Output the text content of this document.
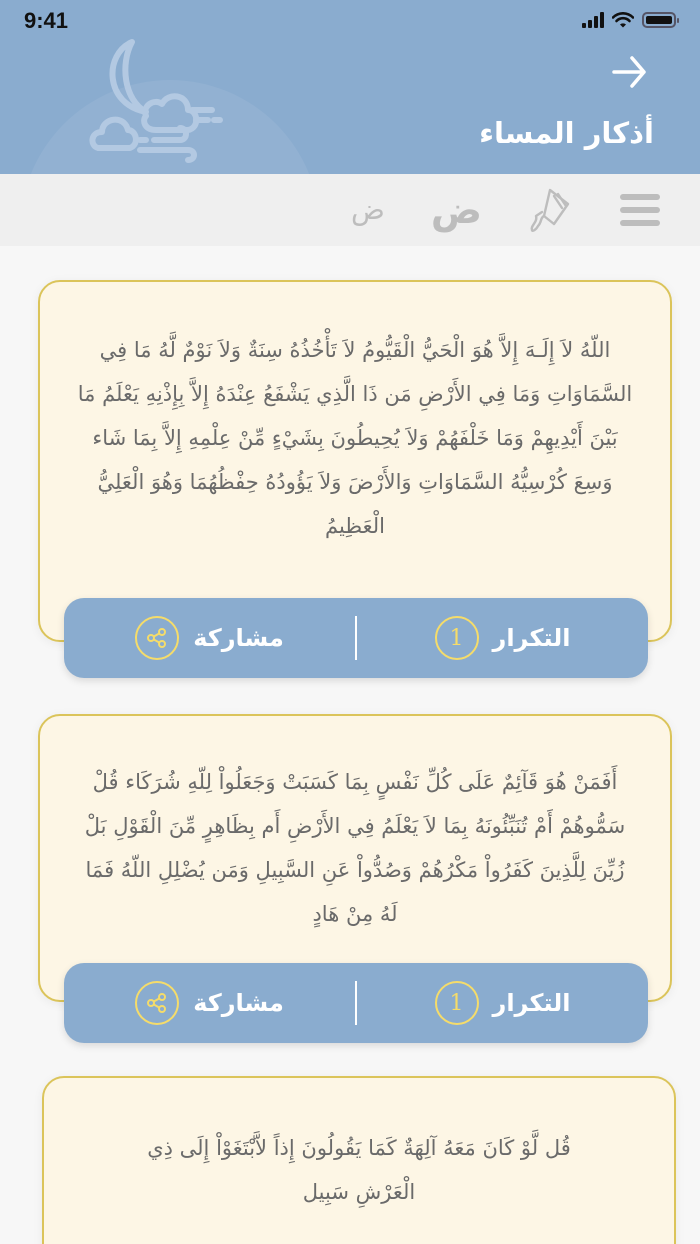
9:41
أذكار المساء
ض
ض
اللّهُ لاَ إِلَـهَ إِلاَّ هُوَ الْحَيُّ الْقَيُّومُ لاَ تَأْخُذُهُ سِنَةٌ وَلاَ نَوْمٌ لَّهُ مَا فِي السَّمَاوَاتِ وَمَا فِي الأَرْضِ مَن ذَا الَّذِي يَشْفَعُ عِنْدَهُ إِلاَّ بِإِذْنِهِ يَعْلَمُ مَا بَيْنَ أَيْدِيهِمْ وَمَا خَلْفَهُمْ وَلاَ يُحِيطُونَ بِشَيْءٍ مِّنْ عِلْمِهِ إِلاَّ بِمَا شَاء وَسِعَ كُرْسِيُّهُ السَّمَاوَاتِ وَالأَرْضَ وَلاَ يَؤُودُهُ حِفْظُهُمَا وَهُوَ الْعَلِيُّ الْعَظِيمُ
مشاركة	1	التكرار
أَفَمَنْ هُوَ قَآئِمٌ عَلَى كُلِّ نَفْسٍ بِمَا كَسَبَتْ وَجَعَلُواْ لِلّهِ شُرَكَاء قُلْ سَمُّوهُمْ أَمْ تُنَبِّئُونَهُ بِمَا لاَ يَعْلَمُ فِي الأَرْضِ أَم بِظَاهِرٍ مِّنَ الْقَوْلِ بَلْ زُيِّنَ لِلَّذِينَ كَفَرُواْ مَكْرُهُمْ وَصُدُّواْ عَنِ السَّبِيلِ وَمَن يُضْلِلِ اللّهُ فَمَا لَهُ مِنْ هَادٍ
مشاركة	1	التكرار
قُل لَّوْ كَانَ مَعَهُ آلِهَةٌ كَمَا يَقُولُونَ إِذاً لاَّبْتَغَوْاْ إِلَى ذِي الْعَرْشِ سَبِيل
